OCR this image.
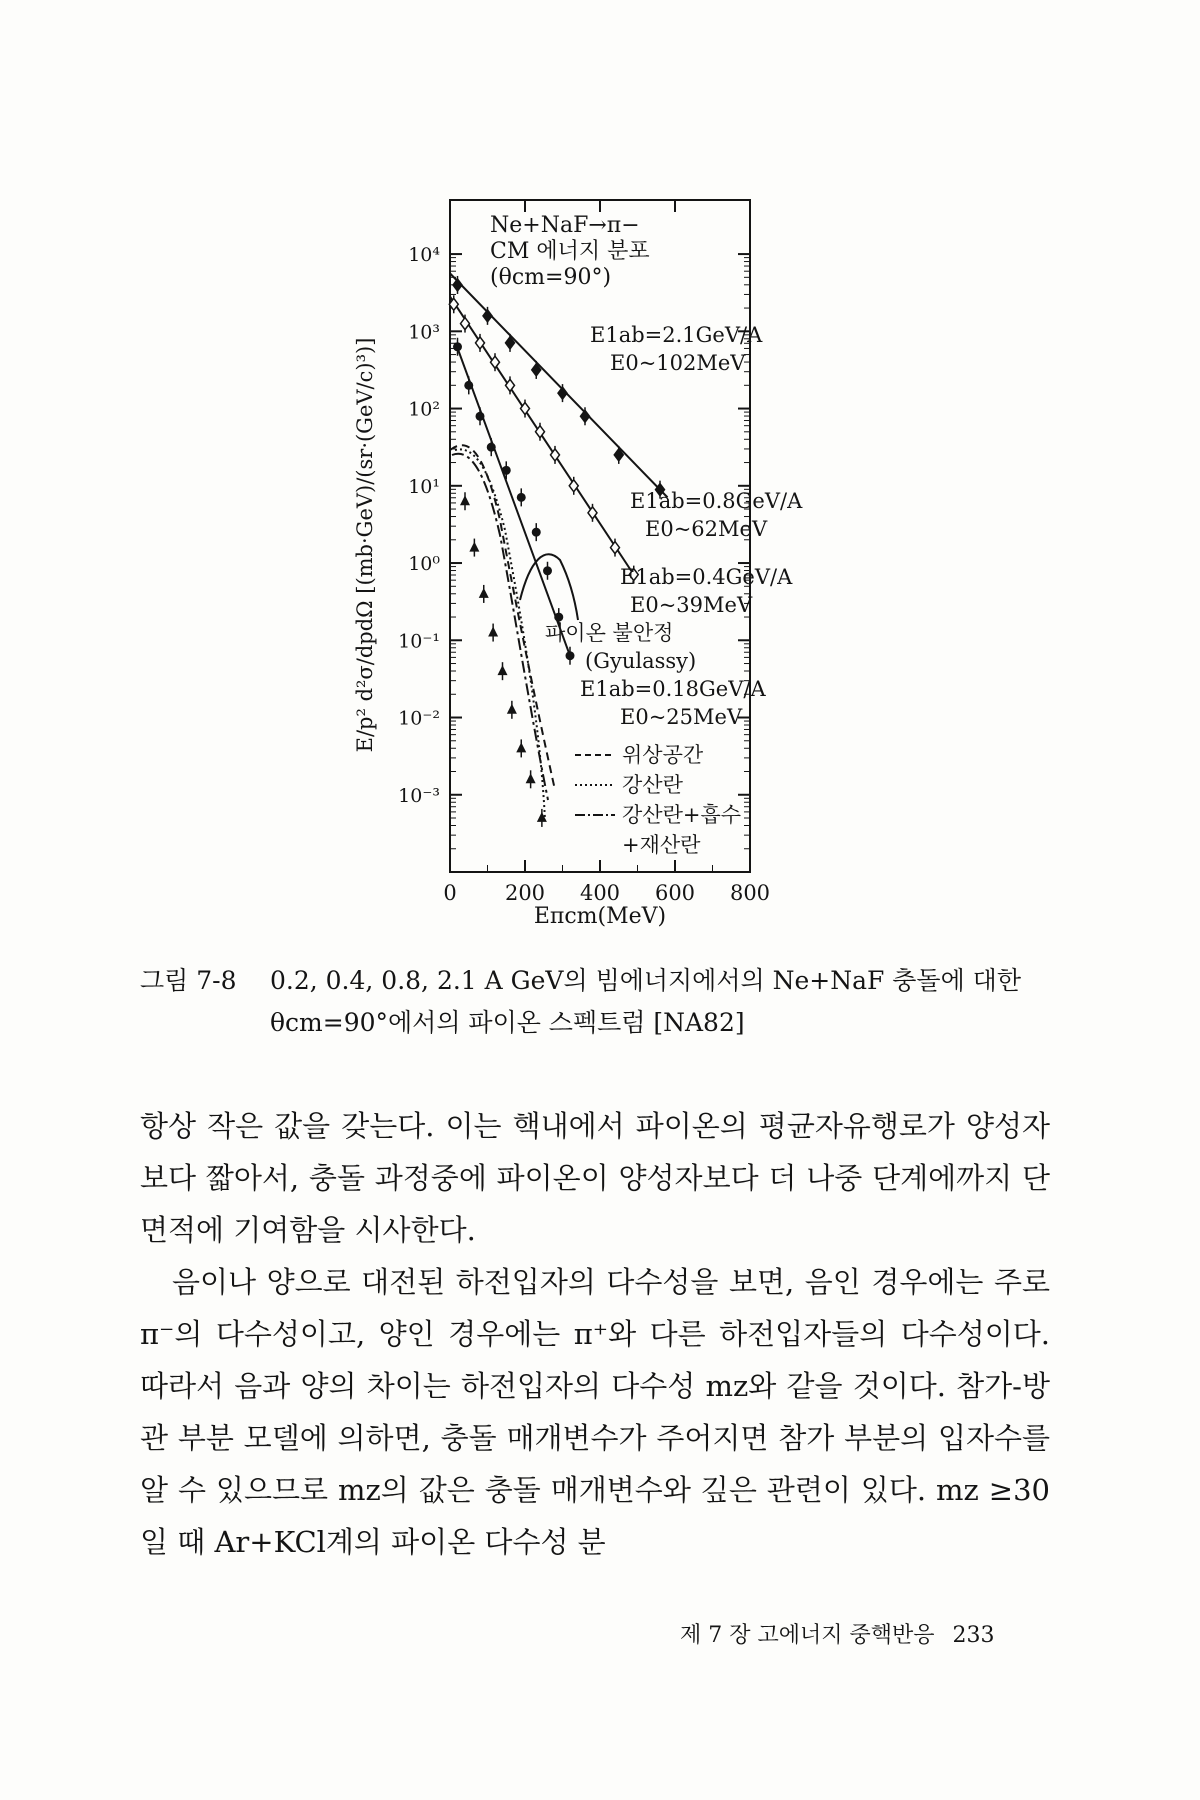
10⁴
10³
10²
10¹
10⁰
10⁻¹
10⁻²
10⁻³
0 200 400 600 800
E/p² d²σ/dpdΩ [(mb·GeV)/(sr·(GeV/c)³)]
Eπcm(MeV)
Ne+NaF→π−
CM 에너지 분포
(θcm=90°)
E1ab=2.1GeV/A
E0~102MeV
E1ab=0.8GeV/A
E0~62MeV
E1ab=0.4GeV/A
E0~39MeV
파이온 불안정
(Gyulassy)
E1ab=0.18GeV/A
E0~25MeV
위상공간
강산란
강산란+흡수
+재산란
그림 7-8 0.2, 0.4, 0.8, 2.1 A GeV의 빔에너지에서의 Ne+NaF 충돌에 대한
θcm=90°에서의 파이온 스펙트럼 [NA82]

항상 작은 값을 갖는다. 이는 핵내에서 파이온의 평균자유행로가 양성자보다 짧아서, 충돌 과정중에 파이온이 양성자보다 더 나중 단계에까지 단면적에 기여함을 시사한다.

음이나 양으로 대전된 하전입자의 다수성을 보면, 음인 경우에는 주로 π⁻의 다수성이고, 양인 경우에는 π⁺와 다른 하전입자들의 다수성이다. 따라서 음과 양의 차이는 하전입자의 다수성 mz와 같을 것이다. 참가-방관 부분 모델에 의하면, 충돌 매개변수가 주어지면 참가 부분의 입자수를 알 수 있으므로 mz의 값은 충돌 매개변수와 깊은 관련이 있다. mz ≥30 일 때 Ar+KCl계의 파이온 다수성 분

제 7 장 고에너지 중핵반응 233
